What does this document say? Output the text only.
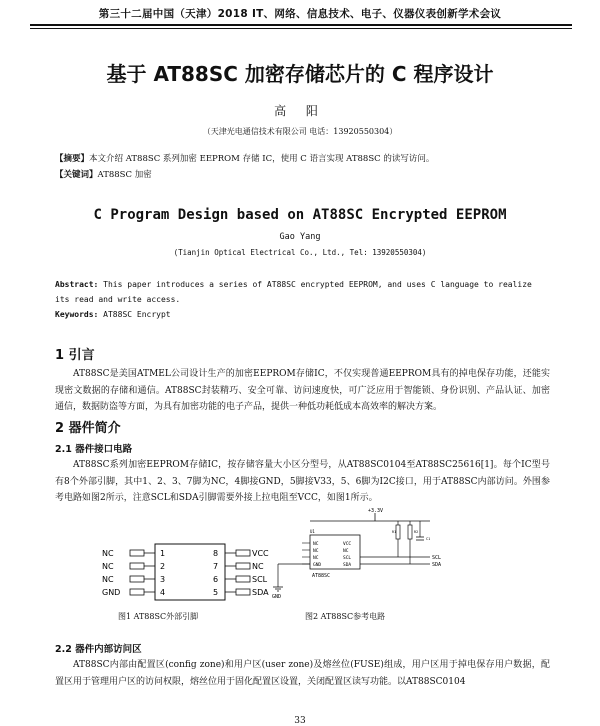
第三十二届中国（天津）2018 IT、网络、信息技术、电子、仪器仪表创新学术会议
基于 AT88SC 加密存储芯片的 C 程序设计
高 阳
（天津光电通信技术有限公司 电话：13920550304）
【摘要】本文介绍 AT88SC 系列加密 EEPROM 存储 IC，使用 C 语言实现 AT88SC 的读写访问。
【关键词】AT88SC 加密
C Program Design based on AT88SC Encrypted EEPROM
Gao Yang
(Tianjin Optical Electrical Co., Ltd., Tel: 13920550304)
Abstract: This paper introduces a series of AT88SC encrypted EEPROM, and uses C language to realize its read and write access.
Keywords: AT88SC Encrypt
1 引言
AT88SC是美国ATMEL公司设计生产的加密EEPROM存储IC，不仅实现普通EEPROM具有的掉电保存功能，还能实现密文数据的存储和通信。AT88SC封装精巧、安全可靠、访问速度快，可广泛应用于智能锁、身份识别、产品认证、加密通信，数据防盗等方面，为具有加密功能的电子产品，提供一种低功耗低成本高效率的解决方案。
2 器件简介
2.1 器件接口电路
AT88SC系列加密EEPROM存储IC，按存储容量大小区分型号，从AT88SC0104至AT88SC25616[1]。每个IC型号有8个外部引脚，其中1、2、3、7脚为NC，4脚接GND，5脚接V33，5、6脚为I2C接口，用于AT88SC内部访问。外围参考电路如图2所示，注意SCL和SDA引脚需要外接上拉电阻至VCC，如图1所示。
NC	1
NC	2
NC	3
GND	4
8	VCC
7	NC
6	SCL
5	SDA
图1 AT88SC外部引脚
+3.3V
R1	R2
C1
U1
NC
NC
NC
GND
VCC
NC
SCL
SDA
AT88SC
SCL
SDA
GND
图2 AT88SC参考电路
2.2 器件内部访问区
AT88SC内部由配置区(config zone)和用户区(user zone)及熔丝位(FUSE)组成，用户区用于掉电保存用户数据，配置区用于管理用户区的访问权限，熔丝位用于固化配置区设置，关闭配置区读写功能。以AT88SC0104
33
